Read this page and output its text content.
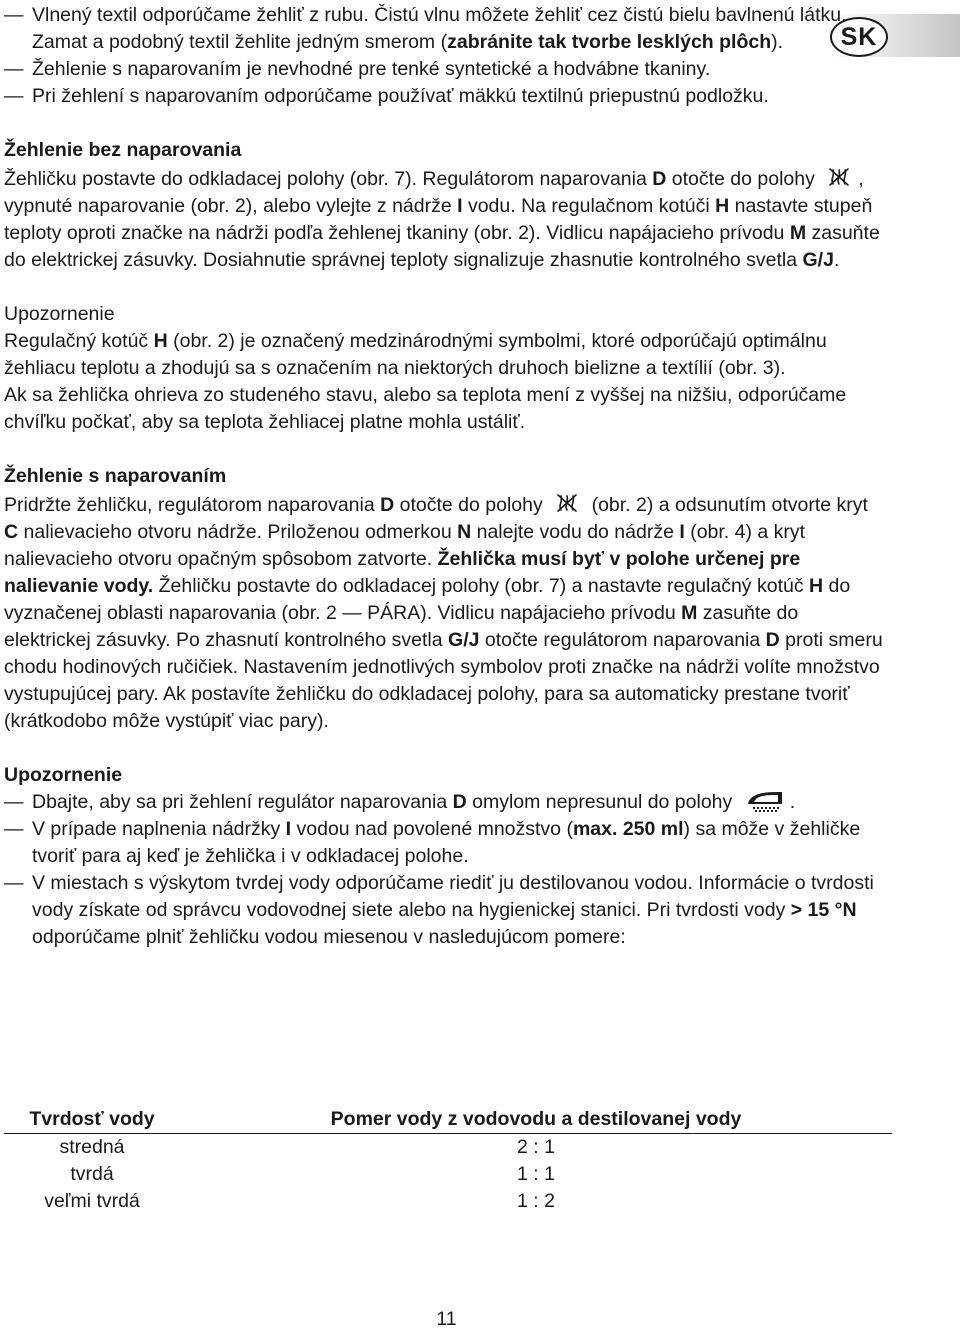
SK
— Vlnený textil odporúčame žehliť z rubu. Čistú vlnu môžete žehliť cez čistú bielu bavlnenú látku. Zamat a podobný textil žehlite jedným smerom (zabránite tak tvorbe lesklých plôch).
— Žehlenie s naparovaním je nevhodné pre tenké syntetické a hodvábne tkaniny.
— Pri žehlení s naparovaním odporúčame používať mäkkú textilnú priepustnú podložku.
Žehlenie bez naparovania

Žehličku postavte do odkladacej polohy (obr. 7). Regulátorom naparovania D otočte do polohy , vypnuté naparovanie (obr. 2), alebo vylejte z nádrže I vodu. Na regulačnom kotúči H nastavte stupeň teploty oproti značke na nádrži podľa žehlenej tkaniny (obr. 2). Vidlicu napájacieho prívodu M zasuňte do elektrickej zásuvky. Dosiahnutie správnej teploty signalizuje zhasnutie kontrolného svetla G/J.

Upozornenie

Regulačný kotúč H (obr. 2) je označený medzinárodnými symbolmi, ktoré odporúčajú optimálnu žehliacu teplotu a zhodujú sa s označením na niektorých druhoch bielizne a textílií (obr. 3).

Ak sa žehlička ohrieva zo studeného stavu, alebo sa teplota mení z vyššej na nižšiu, odporúčame chvíľku počkať, aby sa teplota žehliacej platne mohla ustáliť.

Žehlenie s naparovaním

Pridržte žehličku, regulátorom naparovania D otočte do polohy  (obr. 2) a odsunutím otvorte kryt C nalievacieho otvoru nádrže. Priloženou odmerkou N nalejte vodu do nádrže I (obr. 4) a kryt nalievacieho otvoru opačným spôsobom zatvorte. Žehlička musí byť v polohe určenej pre nalievanie vody. Žehličku postavte do odkladacej polohy (obr. 7) a nastavte regulačný kotúč H do vyznačenej oblasti naparovania (obr. 2 — PÁRA). Vidlicu napájacieho prívodu M zasuňte do elektrickej zásuvky. Po zhasnutí kontrolného svetla G/J otočte regulátorom naparovania D proti smeru chodu hodinových ručičiek. Nastavením jednotlivých symbolov proti značke na nádrži volíte množstvo vystupujúcej pary. Ak postavíte žehličku do odkladacej polohy, para sa automaticky prestane tvoriť (krátkodobo môže vystúpiť viac pary).

Upozornenie
— Dbajte, aby sa pri žehlení regulátor naparovania D omylom nepresunul do polohy	.
— V prípade naplnenia nádržky I vodou nad povolené množstvo (max. 250 ml) sa môže v žehličke tvoriť para aj keď je žehlička i v odkladacej polohe.
— V miestach s výskytom tvrdej vody odporúčame riediť ju destilovanou vodou. Informácie o tvrdosti vody získate od správcu vodovodnej siete alebo na hygienickej stanici. Pri tvrdosti vody > 15 °N odporúčame plniť žehličku vodou miesenou v nasledujúcom pomere:
Tvrdosť vody	Pomer vody z vodovodu a destilovanej vody
stredná	2 : 1
tvrdá	1 : 1
veľmi tvrdá	1 : 2
11
